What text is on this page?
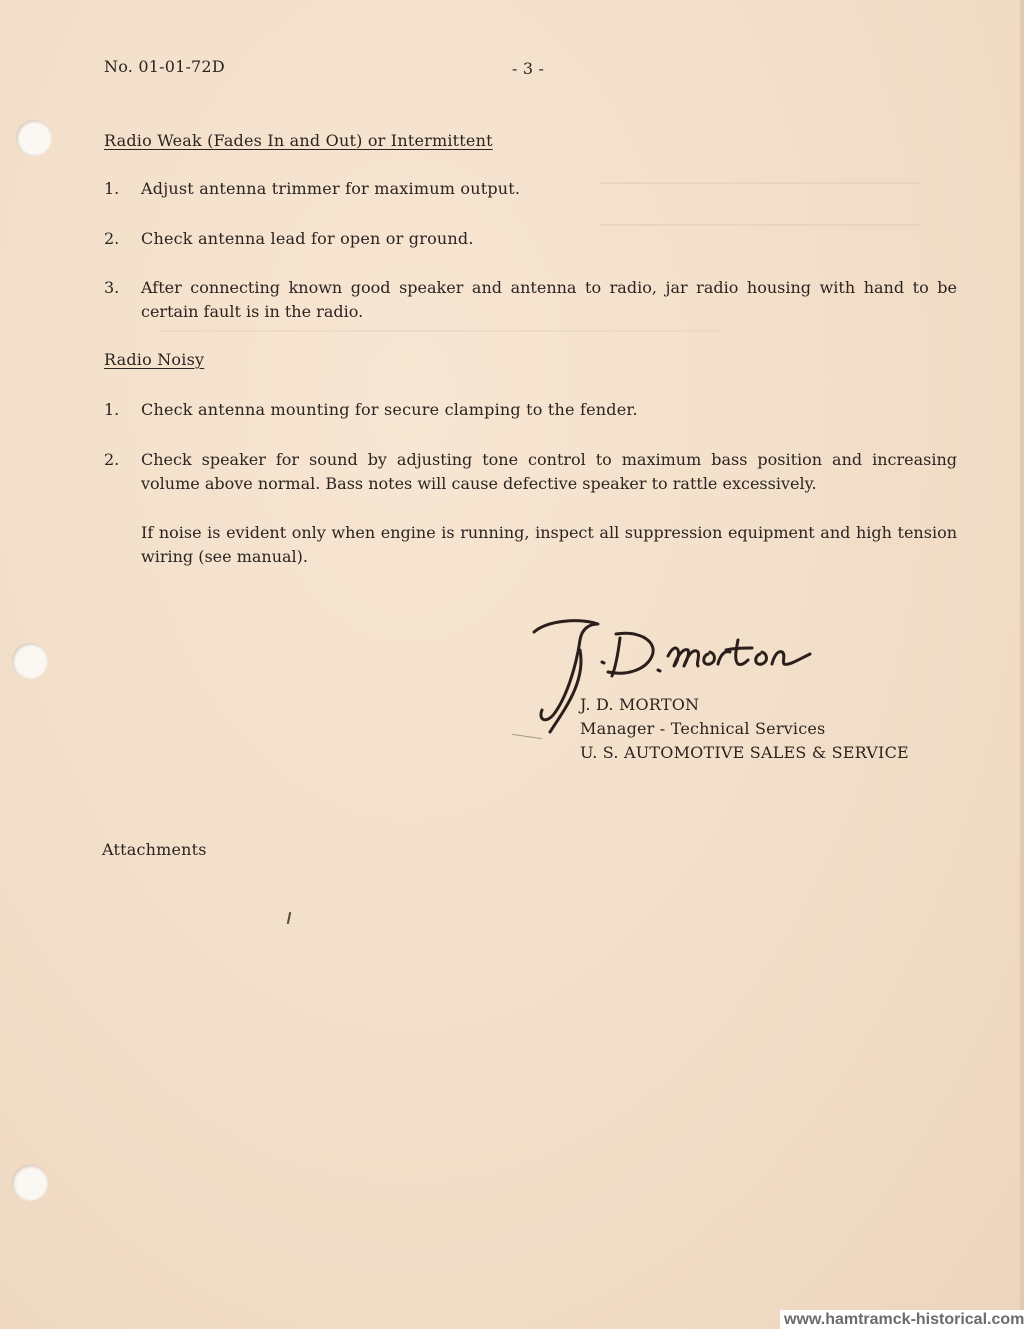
No. 01-01-72D	- 3 -
Radio Weak (Fades In and Out) or Intermittent
1. Adjust antenna trimmer for maximum output.
2. Check antenna lead for open or ground.
3. After connecting known good speaker and antenna to radio, jar radio housing with hand to be certain fault is in the radio.
Radio Noisy
1. Check antenna mounting for secure clamping to the fender.
2. Check speaker for sound by adjusting tone control to maximum bass position and increasing volume above normal. Bass notes will cause defective speaker to rattle excessively.
If noise is evident only when engine is running, inspect all suppression equipment and high tension wiring (see manual).
J. D. MORTON
Manager - Technical Services
U. S. AUTOMOTIVE SALES & SERVICE
Attachments
www.hamtramck-historical.com
